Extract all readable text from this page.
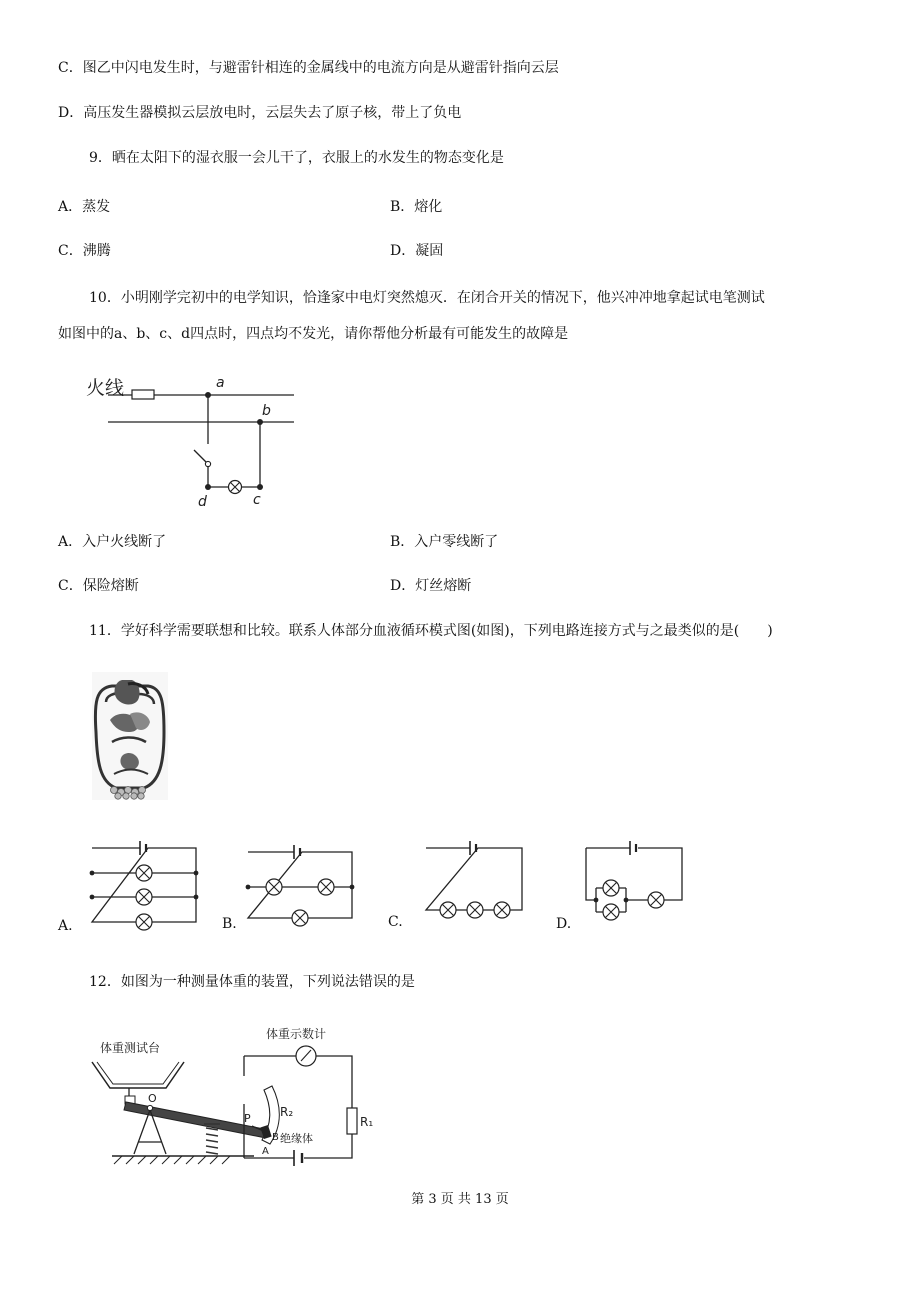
C．图乙中闪电发生时，与避雷针相连的金属线中的电流方向是从避雷针指向云层
D．高压发生器模拟云层放电时，云层失去了原子核，带上了负电
9．晒在太阳下的湿衣服一会儿干了，衣服上的水发生的物态变化是
A．蒸发	B．熔化
C．沸腾	D．凝固
10．小明刚学完初中的电学知识，恰逢家中电灯突然熄灭．在闭合开关的情况下，他兴冲冲地拿起试电笔测试
如图中的a、b、c、d四点时，四点均不发光，请你帮他分析最有可能发生的故障是
火线	a
b
d	c
A．入户火线断了	B．入户零线断了
C．保险熔断	D．灯丝熔断
11．学好科学需要联想和比较。联系人体部分血液循环模式图(如图)，下列电路连接方式与之最类似的是(　　)
A.	B.	C.	D.
12．如图为一种测量体重的装置，下列说法错误的是
体重测试台
O
R₂
P
B 绝缘体
A
体重示数计
R₁
第 3 页 共 13 页
